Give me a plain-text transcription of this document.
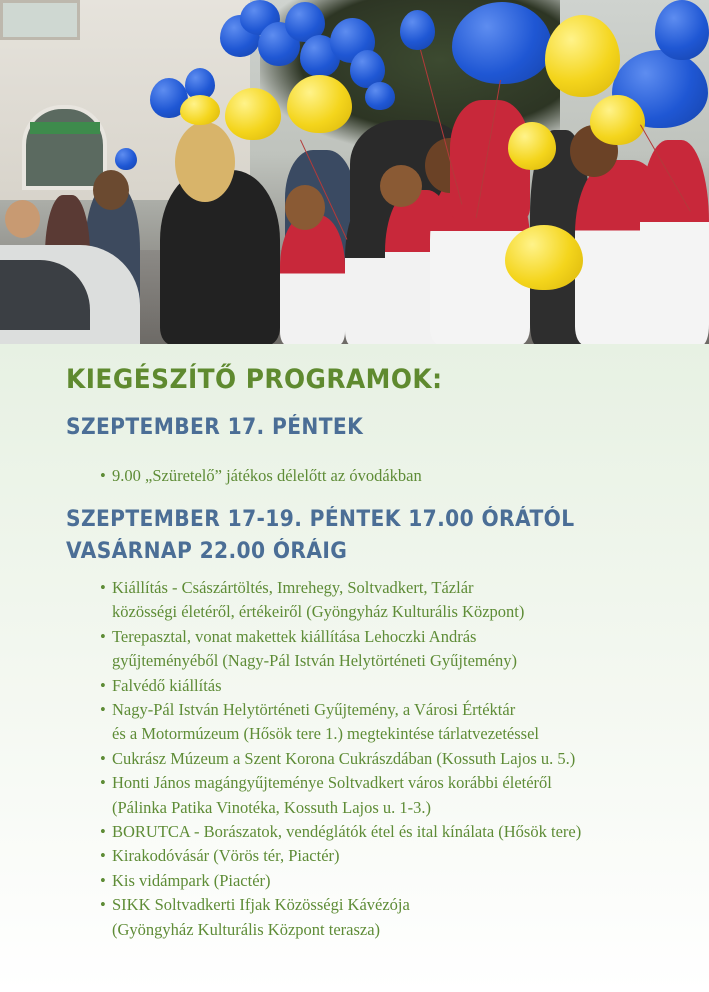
KIEGÉSZÍTŐ PROGRAMOK:
SZEPTEMBER 17. PÉNTEK
• 9.00 „Szüretelő” játékos délelőtt az óvodákban
SZEPTEMBER 17-19. PÉNTEK 17.00 ÓRÁTÓL
VASÁRNAP 22.00 ÓRÁIG
• Kiállítás - Császártöltés, Imrehegy, Soltvadkert, Tázlár
közösségi életéről, értékeiről (Gyöngyház Kulturális Központ)
• Terepasztal, vonat makettek kiállítása Lehoczki András
gyűjteményéből (Nagy-Pál István Helytörténeti Gyűjtemény)
• Falvédő kiállítás
• Nagy-Pál István Helytörténeti Gyűjtemény, a Városi Értéktár
és a Motormúzeum (Hősök tere 1.) megtekintése tárlatvezetéssel
• Cukrász Múzeum a Szent Korona Cukrászdában (Kossuth Lajos u. 5.)
• Honti János magángyűjteménye Soltvadkert város korábbi életéről
(Pálinka Patika Vinotéka, Kossuth Lajos u. 1-3.)
• BORUTCA - Borászatok, vendéglátók étel és ital kínálata (Hősök tere)
• Kirakodóvásár (Vörös tér, Piactér)
• Kis vidámpark (Piactér)
• SIKK Soltvadkerti Ifjak Közösségi Kávézója
(Gyöngyház Kulturális Központ terasza)
